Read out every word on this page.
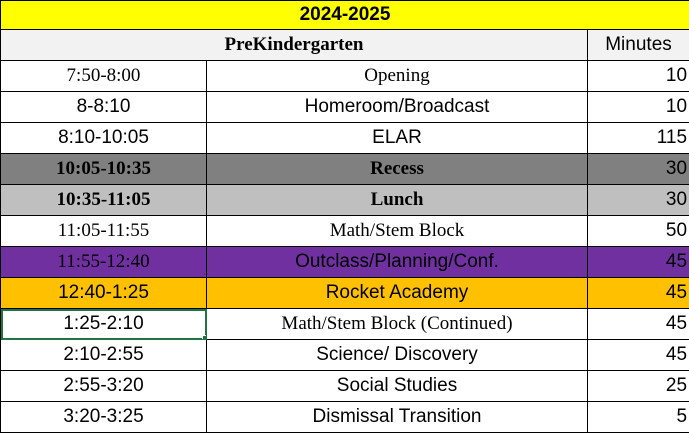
2024-2025		
PreKindergarten		Minutes
7:50-8:00	Opening	10
8-8:10	Homeroom/Broadcast	10
8:10-10:05	ELAR	115
10:05-10:35	Recess	30
10:35-11:05	Lunch	30
11:05-11:55	Math/Stem Block	50
11:55-12:40	Outclass/Planning/Conf.	45
12:40-1:25	Rocket Academy	45
1:25-2:10	Math/Stem Block (Continued)	45
2:10-2:55	Science/ Discovery	45
2:55-3:20	Social Studies	25
3:20-3:25	Dismissal Transition	5
